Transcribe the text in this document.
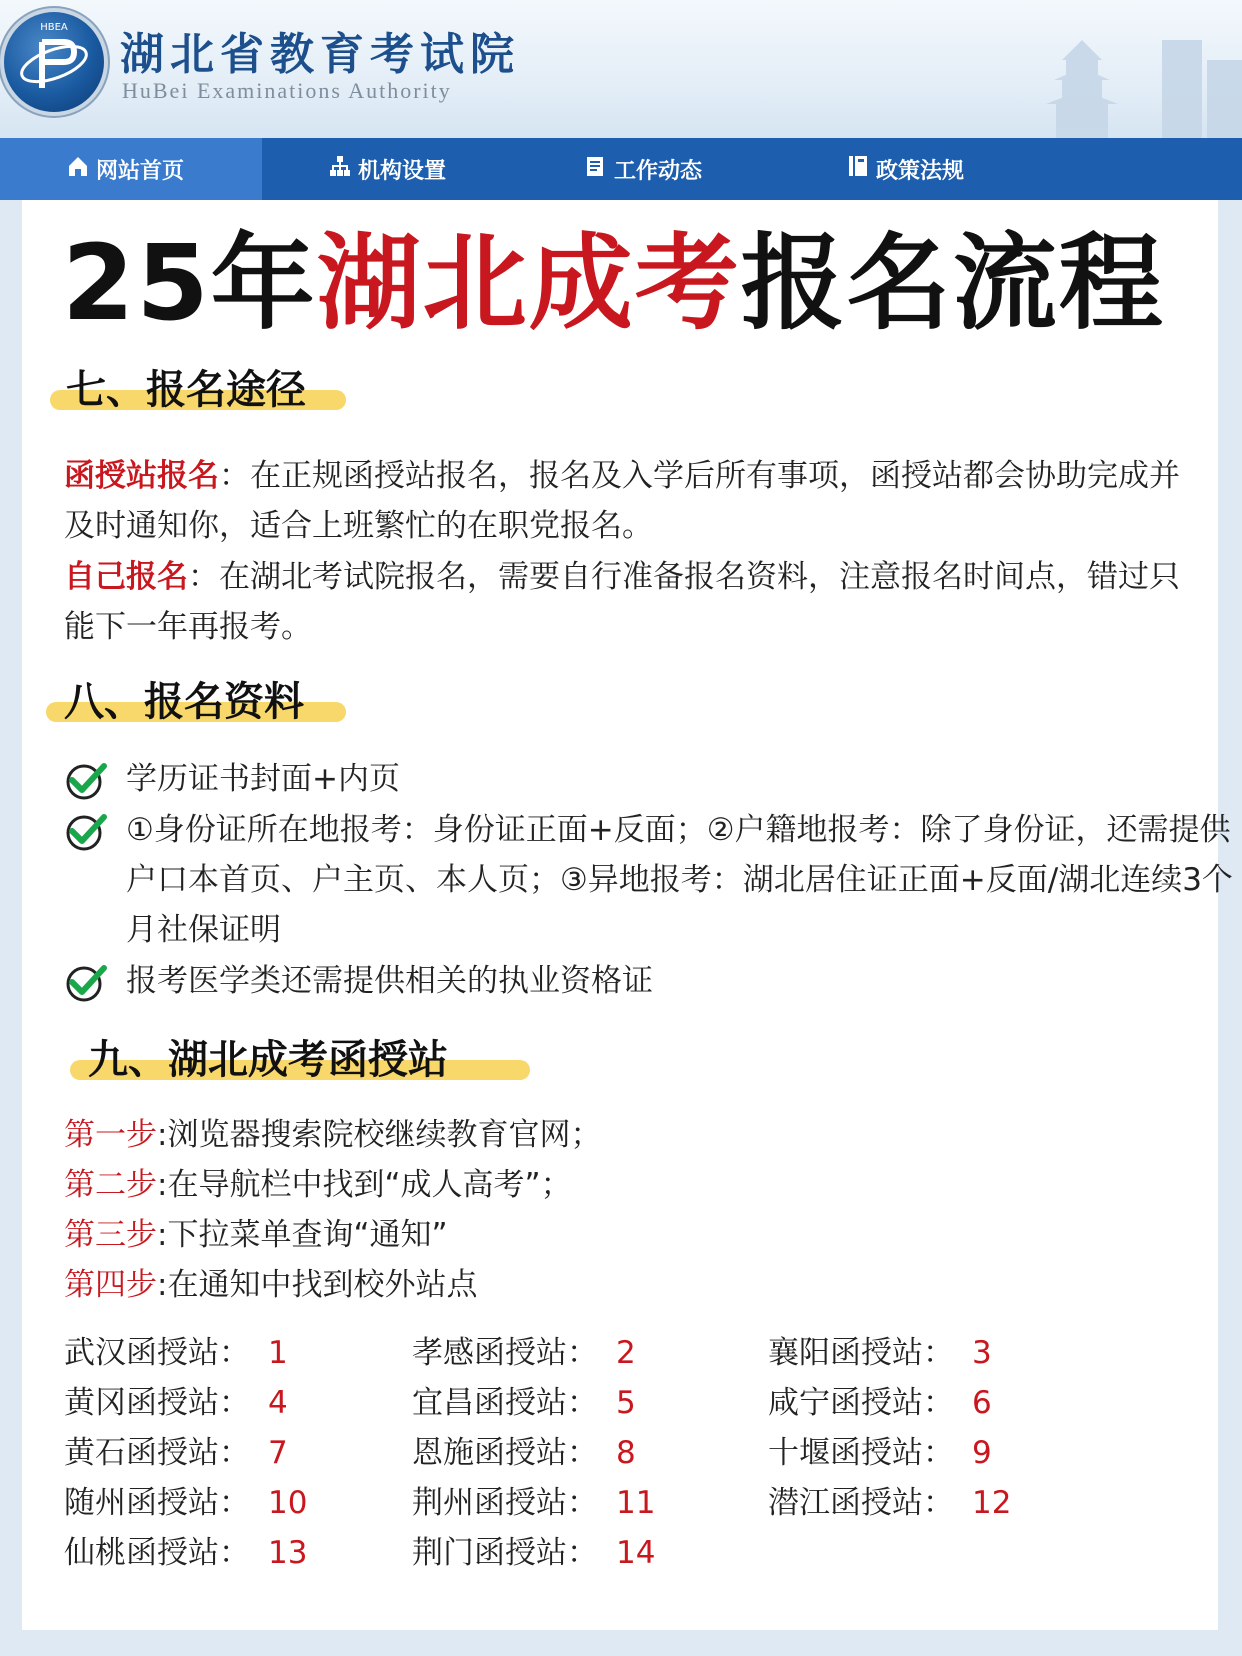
HBEA
湖北省教育考试院
HuBei Examinations Authority
网站首页	机构设置	工作动态	政策法规
25年湖北成考报名流程
七、报名途径
函授站报名：在正规函授站报名，报名及入学后所有事项，函授站都会协助完成并及时通知你，适合上班繁忙的在职党报名。
自己报名：在湖北考试院报名，需要自行准备报名资料，注意报名时间点，错过只能下一年再报考。
八、报名资料
学历证书封面+内页
①身份证所在地报考：身份证正面+反面；②户籍地报考：除了身份证，还需提供户口本首页、户主页、本人页；③异地报考：湖北居住证正面+反面/湖北连续3个月社保证明
报考医学类还需提供相关的执业资格证
九、湖北成考函授站
第一步:浏览器搜索院校继续教育官网；
第二步:在导航栏中找到“成人高考”；
第三步:下拉菜单查询“通知”
第四步:在通知中找到校外站点
武汉函授站： 1	孝感函授站： 2	襄阳函授站： 3
黄冈函授站： 4	宜昌函授站： 5	咸宁函授站： 6
黄石函授站： 7	恩施函授站： 8	十堰函授站： 9
随州函授站： 10	荆州函授站： 11	潜江函授站： 12
仙桃函授站： 13	荆门函授站： 14
